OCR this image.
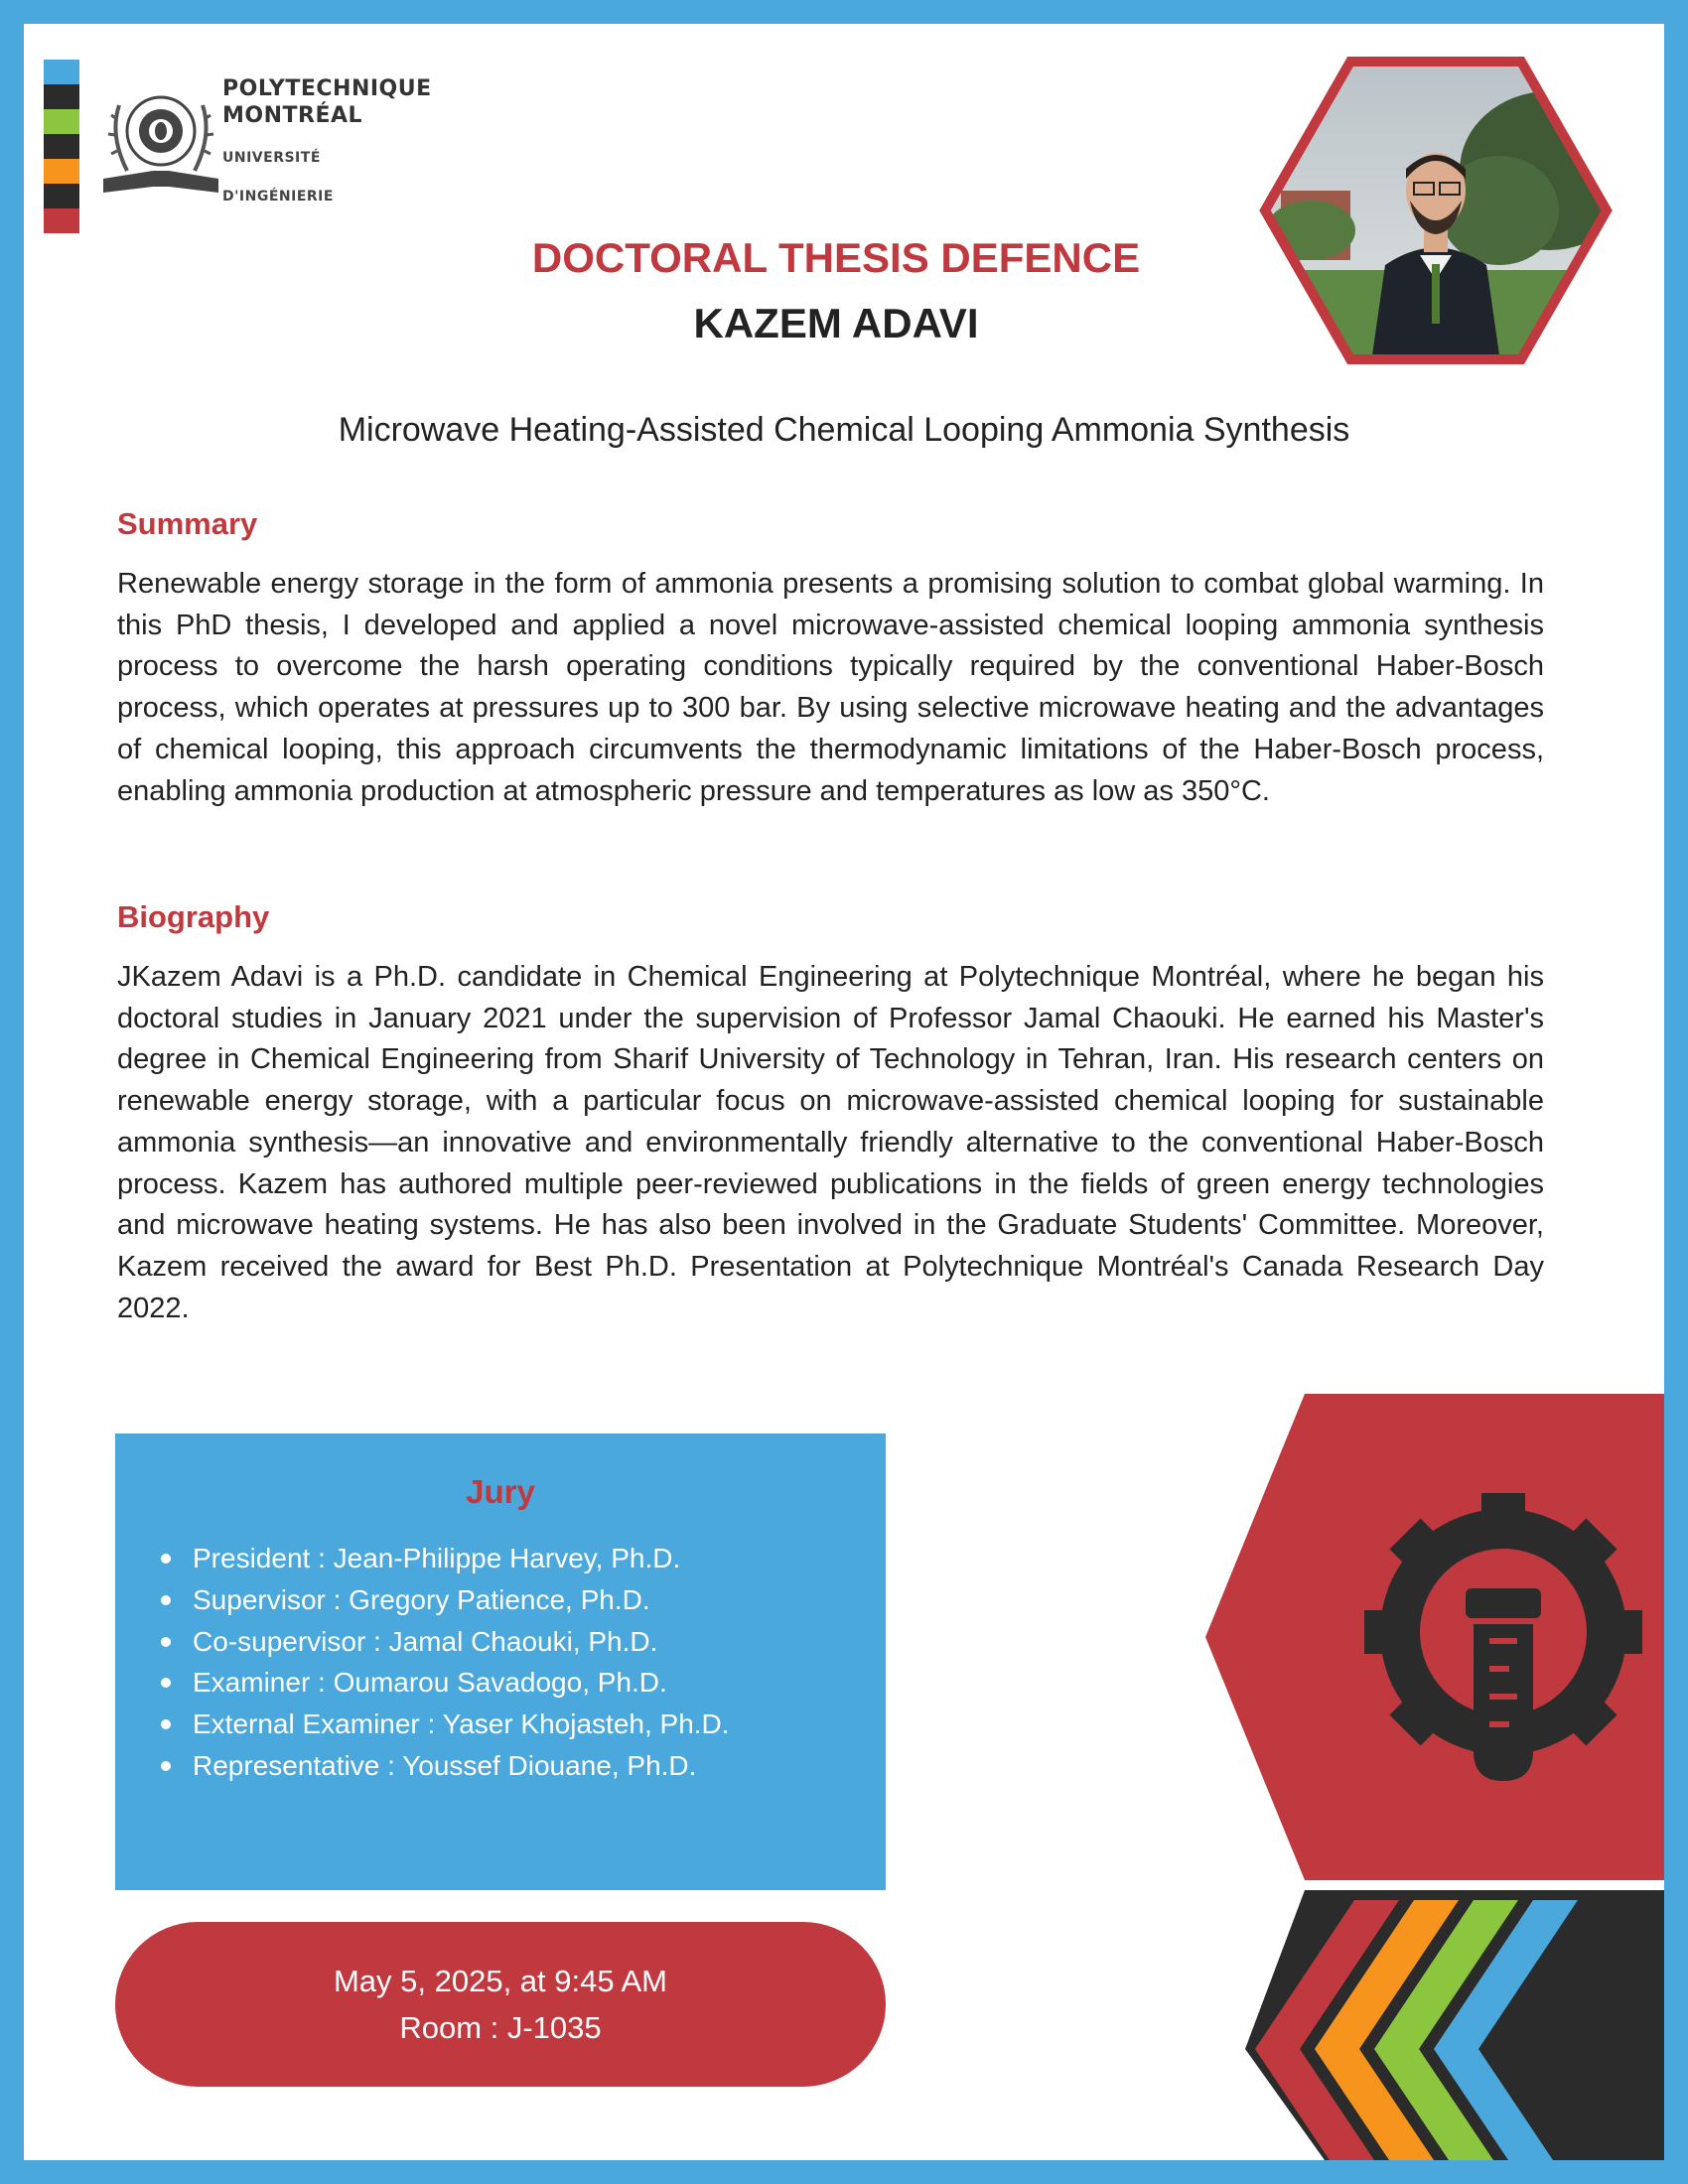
POLYTECHNIQUE
MONTRÉAL
UNIVERSITÉ
D'INGÉNIERIE
DOCTORAL THESIS DEFENCE
KAZEM ADAVI
Microwave Heating-Assisted Chemical Looping Ammonia Synthesis
Summary

Renewable energy storage in the form of ammonia presents a promising solution to combat global warming. In this PhD thesis, I developed and applied a novel microwave-assisted chemical looping ammonia synthesis process to overcome the harsh operating conditions typically required by the conventional Haber-Bosch process, which operates at pressures up to 300 bar. By using selective microwave heating and the advantages of chemical looping, this approach circumvents the thermodynamic limitations of the Haber-Bosch process, enabling ammonia production at atmospheric pressure and temperatures as low as 350°C.

Biography

JKazem Adavi is a Ph.D. candidate in Chemical Engineering at Polytechnique Montréal, where he began his doctoral studies in January 2021 under the supervision of Professor Jamal Chaouki. He earned his Master's degree in Chemical Engineering from Sharif University of Technology in Tehran, Iran. His research centers on renewable energy storage, with a particular focus on microwave-assisted chemical looping for sustainable ammonia synthesis—an innovative and environmentally friendly alternative to the conventional Haber-Bosch process. Kazem has authored multiple peer-reviewed publications in the fields of green energy technologies and microwave heating systems. He has also been involved in the Graduate Students' Committee. Moreover, Kazem received the award for Best Ph.D. Presentation at Polytechnique Montréal's Canada Research Day 2022.

Jury
President : Jean-Philippe Harvey, Ph.D.
Supervisor : Gregory Patience, Ph.D.
Co-supervisor : Jamal Chaouki, Ph.D.
Examiner : Oumarou Savadogo, Ph.D.
External Examiner : Yaser Khojasteh, Ph.D.
Representative : Youssef Diouane, Ph.D.
May 5, 2025, at 9:45 AM
Room : J-1035
